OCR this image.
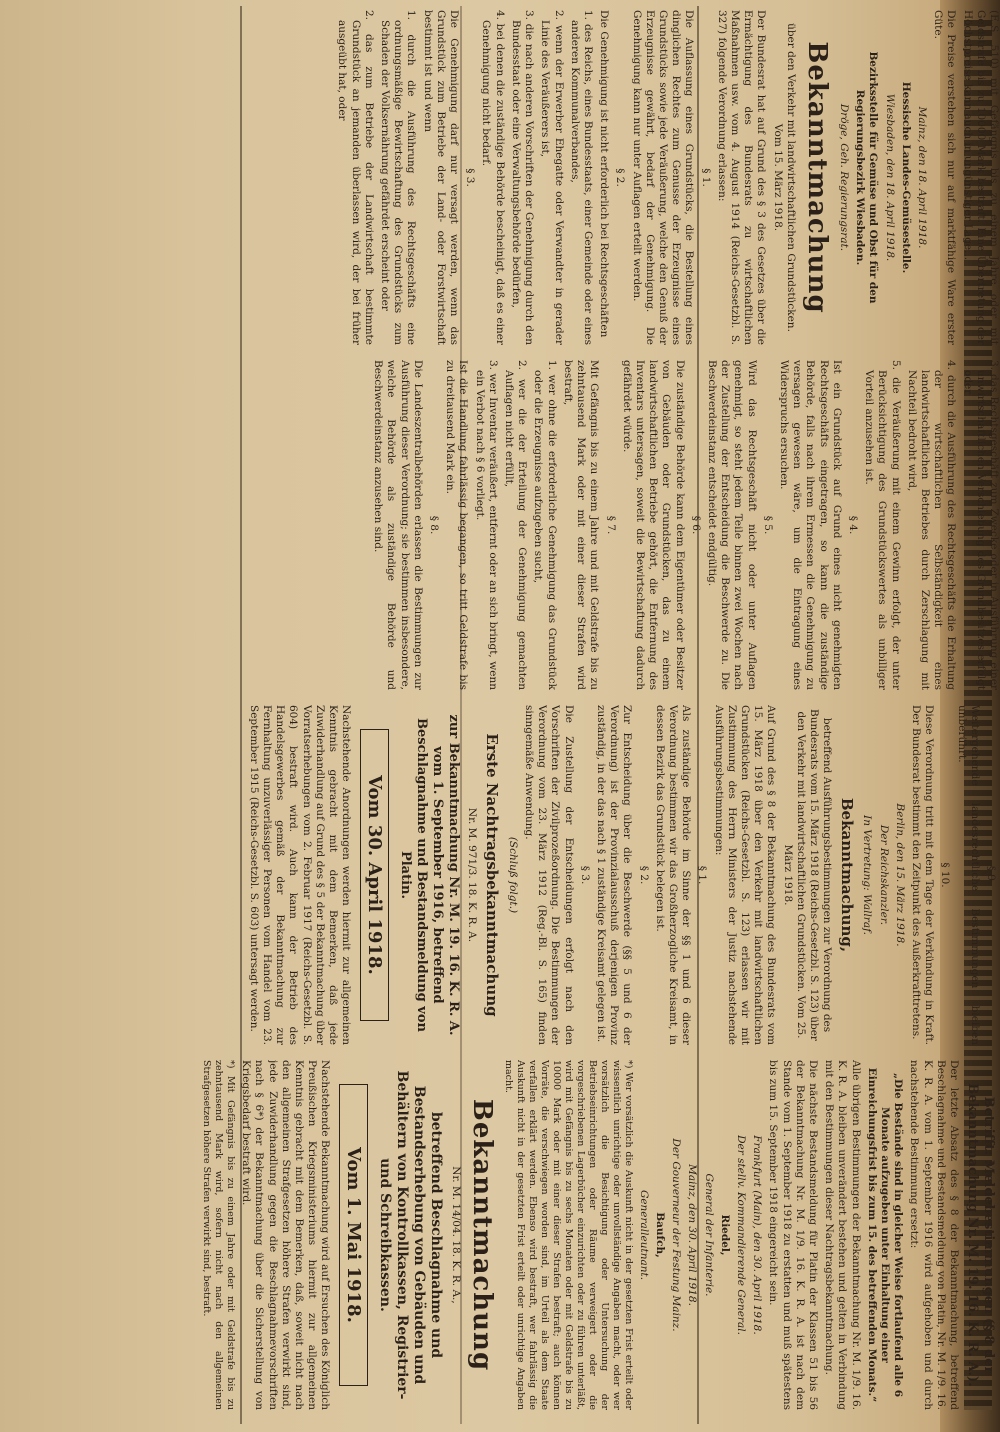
(E.S. 510) mit Gefängnis bis zu einem Jahre oder mit Geldstrafe bis zu 10000 Mark bestraft. Eine Übertretung der Höchstpreise kann auch in ungünstiger Lage...

Die Preise verstehen sich nur auf marktfähige Ware erster Güte.

Mainz, den 18. April 1918.

Hessische Landes-Gemüsestelle.

Wiesbaden, den 18. April 1918.

Bezirksstelle für Gemüse und Obst für den Regierungsbezirk Wiesbaden.

Dröge, Geh. Regierungsrat.

Bekanntmachung

über den Verkehr mit landwirtschaftlichen Grundstücken. Vom 15. März 1918.

Der Bundesrat hat auf Grund des § 3 des Gesetzes über die Ermächtigung des Bundesrats zu wirtschaftlichen Maßnahmen usw. vom 4. August 1914 (Reichs-Gesetzbl. S. 327) folgende Verordnung erlassen:

§ 1.

Die Auflassung eines Grundstücks, die Bestellung eines dinglichen Rechtes zum Genusse der Erzeugnisse eines Grundstücks sowie jede Veräußerung, welche den Genuß der Erzeugnisse gewährt, bedarf der Genehmigung. Die Genehmigung kann nur unter Auflagen erteilt werden.

§ 2.

Die Genehmigung ist nicht erforderlich bei Rechtsgeschäften

1. des Reichs, eines Bundesstaats, einer Gemeinde oder eines anderen Kommunalverbandes,

2. wenn der Erwerber Ehegatte oder Verwandter in gerader Linie des Veräußerers ist,

3. die nach anderen Vorschriften der Genehmigung durch den Bundesstaat oder eine Verwaltungsbehörde bedürfen,

4. bei denen die zuständige Behörde bescheinigt, daß es einer Genehmigung nicht bedarf.

§ 3.

Die Genehmigung darf nur versagt werden, wenn das Grundstück zum Betriebe der Land- oder Forstwirtschaft bestimmt ist und wenn

1. durch die Ausführung des Rechtsgeschäfts eine ordnungsmäßige Bewirtschaftung des Grundstücks zum Schaden der Volksernährung gefährdet erscheint oder

2. das zum Betriebe der Landwirtschaft bestimmte Grundstück an jemanden überlassen wird, der bei früher ausgeübt hat, oder

3. das Rechtsgeschäft zum Zwecke oder in Ausführung einer unwirtschaftlichen Verschiebung des Grundbesitzes erfolgt oder

4. durch die Ausführung des Rechtsgeschäfts die Erhaltung der wirtschaftlichen Selbständigkeit eines landwirtschaftlichen Betriebes durch Zerschlagung mit Nachteil bedroht wird,

5. die Veräußerung mit einem Gewinn erfolgt, der unter Berücksichtigung des Grundstückswertes als unbilliger Vorteil anzusehen ist.

§ 4.

Ist ein Grundstück auf Grund eines nicht genehmigten Rechtsgeschäfts eingetragen, so kann die zuständige Behörde, falls nach ihrem Ermessen die Genehmigung zu versagen gewesen wäre, um die Eintragung eines Widerspruchs ersuchen.

§ 5.

Wird das Rechtsgeschäft nicht oder unter Auflagen genehmigt, so steht jedem Teile binnen zwei Wochen nach der Zustellung der Entscheidung die Beschwerde zu. Die Beschwerdeinstanz entscheidet endgültig.

§ 6.

Die zuständige Behörde kann dem Eigentümer oder Besitzer von Gebäuden oder Grundstücken, das zu einem landwirtschaftlichen Betriebe gehört, die Entfernung des Inventars untersagen, soweit die Bewirtschaftung dadurch gefährdet würde.

§ 7.

Mit Gefängnis bis zu einem Jahre und mit Geldstrafe bis zu zehntausend Mark oder mit einer dieser Strafen wird bestraft,

1. wer ohne die erforderliche Genehmigung das Grundstück oder die Erzeugnisse aufzugeben sucht,

2. wer die der Erteilung der Genehmigung gemachten Auflagen nicht erfüllt,

3. wer Inventar veräußert, entfernt oder an sich bringt, wenn ein Verbot nach § 6 vorliegt.

Ist die Handlung fahrlässig begangen, so tritt Geldstrafe bis zu dreitausend Mark ein.

§ 8.

Die Landeszentralbehörden erlassen die Bestimmungen zur Ausführung dieser Verordnung; sie bestimmen insbesondere, welche Behörde als zuständige Behörde und Beschwerdeinstanz anzusehen sind.

§ 9.

Weitergehende landesrechtliche Bestimmungen bleiben unberührt.

§ 10.

Diese Verordnung tritt mit dem Tage der Verkündung in Kraft. Der Bundesrat bestimmt den Zeitpunkt des Außerkrafttretens.

Berlin, den 15. März 1918.

Der Reichskanzler.

In Vertretung: Wallraf.

Bekanntmachung,

betreffend Ausführungsbestimmungen zur Verordnung des Bundesrats vom 15. März 1918 (Reichs-Gesetzbl. S. 123) über den Verkehr mit landwirtschaftlichen Grundstücken. Vom 25. März 1918.

Auf Grund des § 8 der Bekanntmachung des Bundesrats vom 15. März 1918 über den Verkehr mit landwirtschaftlichen Grundstücken (Reichs-Gesetzbl. S. 123) erlassen wir mit Zustimmung des Herrn Ministers der Justiz nachstehende Ausführungsbestimmungen:

§ 1.

Als zuständige Behörde im Sinne der §§ 1 und 6 dieser Verordnung bestimmen wir das Großherzogliche Kreisamt, in dessen Bezirk das Grundstück belegen ist.

§ 2.

Zur Entscheidung über die Beschwerde (§§ 5 und 6 der Verordnung) ist der Provinzialausschuß derjenigen Provinz zuständig, in der das nach § 1 zuständige Kreisamt gelegen ist.

§ 3.

Die Zustellung der Entscheidungen erfolgt nach den Vorschriften der Zivilprozeßordnung. Die Bestimmungen der Verordnung vom 23. März 1912 (Reg.-Bl. S. 165) finden sinngemäße Anwendung.

(Schluß folgt.)

Erste Nachtragsbekanntmachung

Nr. M. 971/3. 18. K. R. A.

zur Bekanntmachung Nr. M. 19. 16. K. R. A. vom 1. September 1916, betreffend Beschlagnahme und Bestandsmeldung von Platin.
Vom 30. April 1918.

Nachstehende Anordnungen werden hiermit zur allgemeinen Kenntnis gebracht mit dem Bemerken, daß jede Zuwiderhandlung auf Grund des § 5 der Bekanntmachung über Vorratserhebungen vom 2. Februar 1917 (Reichs-Gesetzbl. S. 604) bestraft wird. Auch kann der Betrieb des Handelsgewerbes gemäß der Bekanntmachung zur Fernhaltung unzuverlässiger Personen vom Handel vom 23. September 1915 (Reichs-Gesetzbl. S. 603) untersagt werden.

Betrifft: Meldebestimmungen (§ 8 der Bekanntmachung Nr. M. 19. 16. K. R. A.).

Der letzte Absatz des § 8 der Bekanntmachung, betreffend Beschlagnahme und Bestandsmeldung von Platin, Nr. M. 1/9. 16. K. R. A. vom 1. September 1916 wird aufgehoben und durch nachstehende Bestimmung ersetzt:

„Die Bestände sind in gleicher Weise fortlaufend alle 6 Monate aufzugeben unter Einhaltung einer Einreichungsfrist bis zum 15. des betreffenden Monats.“

Alle übrigen Bestimmungen der Bekanntmachung Nr. M. 1/9. 16. K. R. A. bleiben unverändert bestehen und gelten in Verbindung mit den Bestimmungen dieser Nachtragsbekanntmachung.

Die nächste Bestandsmeldung für Platin der Klassen 51 bis 56 der Bekanntmachung Nr. M. 1/9. 16. K. R. A. ist nach dem Stande vom 1. September 1918 zu erstatten und muß spätestens bis zum 15. September 1918 eingereicht sein.

Frankfurt (Main), den 30. April 1918.

Der stellv. Kommandierende General.

Riedel,

General der Infanterie.

Mainz, den 30. April 1918.

Der Gouverneur der Festung Mainz.

Baufch,

Generalleutnant.

*) Wer vorsätzlich die Auskunft nicht in der gesetzten Frist erteilt oder wissentlich unrichtige oder unvollständige Angaben macht, oder wer vorsätzlich die Besichtigung oder Untersuchung der Betriebseinrichtungen oder Räume verweigert oder die vorgeschriebenen Lagerbücher einzurichten oder zu führen unterläßt, wird mit Gefängnis bis zu sechs Monaten oder mit Geldstrafe bis zu 10000 Mark oder mit einer dieser Strafen bestraft; auch können Vorräte, die verschwiegen worden sind, im Urteil als dem Staate verfallen erklärt werden. Ebenso wird bestraft, wer fahrlässig die Auskunft nicht in der gesetzten Frist erteilt oder unrichtige Angaben macht.

Bekanntmachung

Nr. M. 14/04. 18. K. R. A.,

betreffend Beschlagnahme und Bestandserhebung von Gebäuden und Behältern von Kontrollkassen, Registrier- und Schreibkassen.
Vom 1. Mai 1918.

Nachstehende Bekanntmachung wird auf Ersuchen des Königlich Preußischen Kriegsministeriums hiermit zur allgemeinen Kenntnis gebracht mit dem Bemerken, daß, soweit nicht nach den allgemeinen Strafgesetzen höhere Strafen verwirkt sind, jede Zuwiderhandlung gegen die Beschlagnahmevorschriften nach § 6*) der Bekanntmachung über die Sicherstellung von Kriegsbedarf bestraft wird.

*) Mit Gefängnis bis zu einem Jahre oder mit Geldstrafe bis zu zehntausend Mark wird, sofern nicht nach den allgemeinen Strafgesetzen höhere Strafen verwirkt sind, bestraft.
